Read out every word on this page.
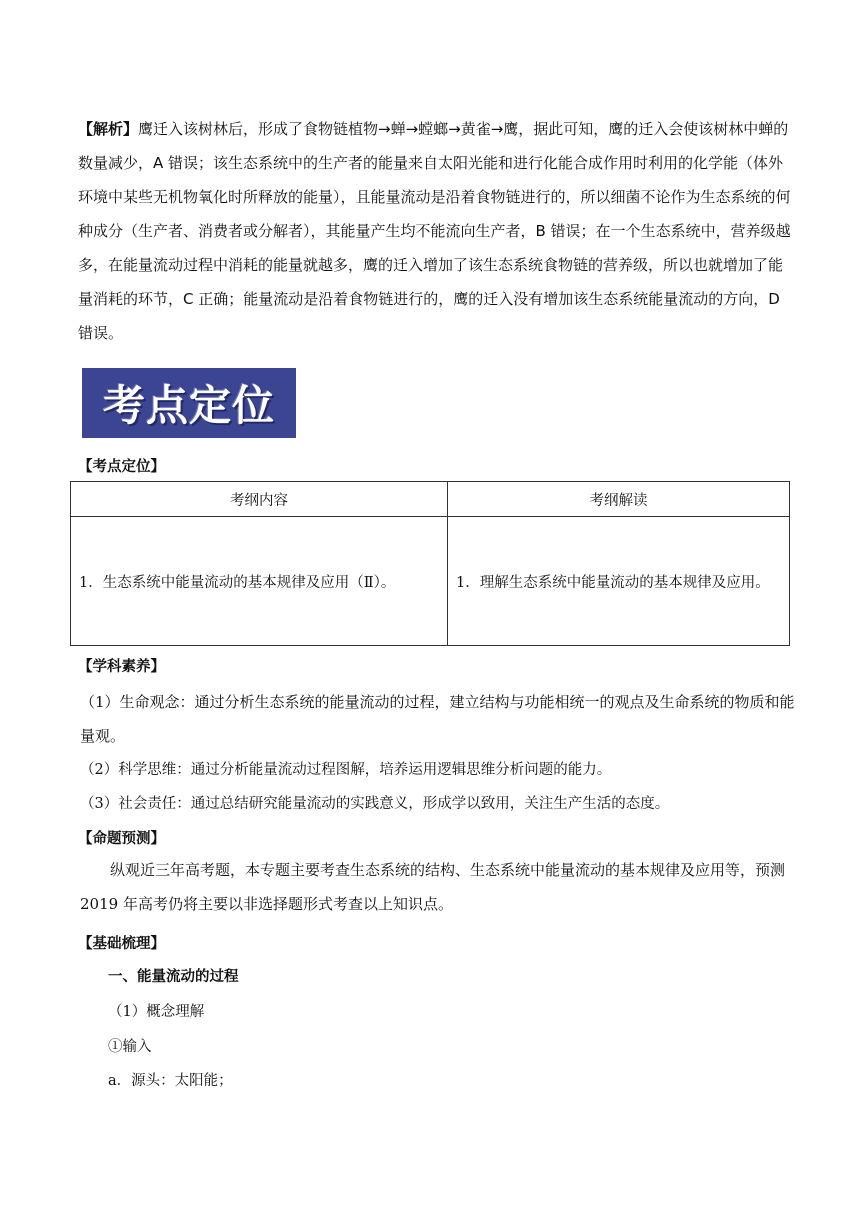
【解析】鹰迁入该树林后，形成了食物链植物→蝉→螳螂→黄雀→鹰，据此可知，鹰的迁入会使该树林中蝉的数量减少，A 错误；该生态系统中的生产者的能量来自太阳光能和进行化能合成作用时利用的化学能（体外环境中某些无机物氧化时所释放的能量），且能量流动是沿着食物链进行的，所以细菌不论作为生态系统的何种成分（生产者、消费者或分解者），其能量产生均不能流向生产者，B 错误；在一个生态系统中，营养级越多，在能量流动过程中消耗的能量就越多，鹰的迁入增加了该生态系统食物链的营养级，所以也就增加了能量消耗的环节，C 正确；能量流动是沿着食物链进行的，鹰的迁入没有增加该生态系统能量流动的方向，D 错误。
考点定位
【考点定位】
考纲内容	考纲解读
1．生态系统中能量流动的基本规律及应用（Ⅱ）。	1．理解生态系统中能量流动的基本规律及应用。
【学科素养】
（1）生命观念：通过分析生态系统的能量流动的过程，建立结构与功能相统一的观点及生命系统的物质和能量观。
（2）科学思维：通过分析能量流动过程图解，培养运用逻辑思维分析问题的能力。
（3）社会责任：通过总结研究能量流动的实践意义，形成学以致用，关注生产生活的态度。
【命题预测】
纵观近三年高考题，本专题主要考查生态系统的结构、生态系统中能量流动的基本规律及应用等，预测 2019 年高考仍将主要以非选择题形式考查以上知识点。
【基础梳理】
一、能量流动的过程
（1）概念理解
①输入
a．源头：太阳能；
